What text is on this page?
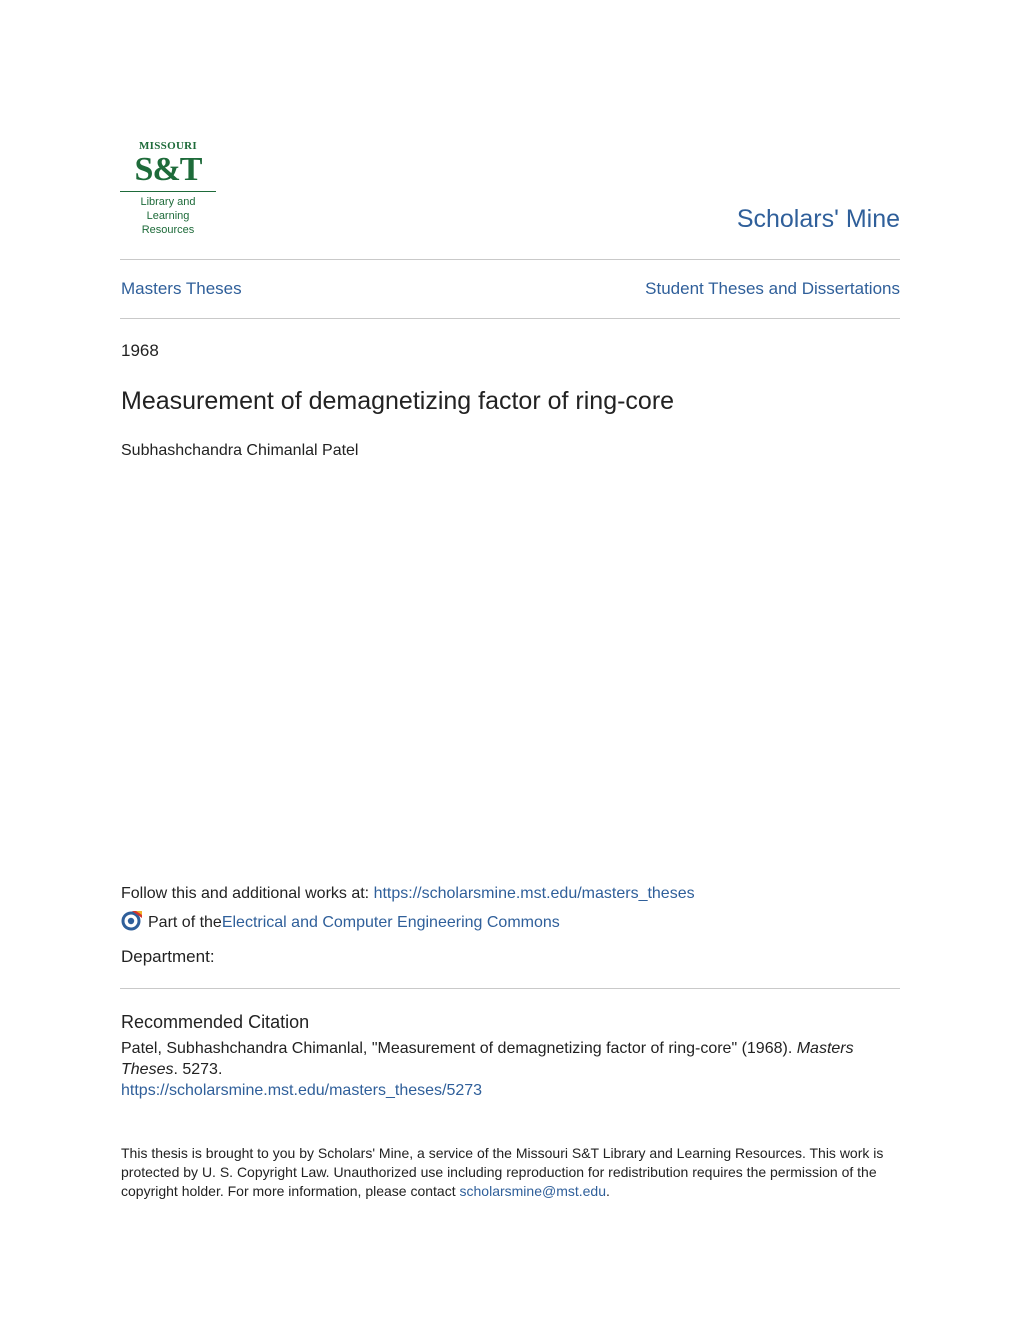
MISSOURI
S&T
Library and
Learning Resources	Scholars' Mine
Masters Theses	Student Theses and Dissertations
1968
Measurement of demagnetizing factor of ring-core
Subhashchandra Chimanlal Patel
Follow this and additional works at: https://scholarsmine.mst.edu/masters_theses
Part of the Electrical and Computer Engineering Commons
Department:
Recommended Citation
Patel, Subhashchandra Chimanlal, "Measurement of demagnetizing factor of ring-core" (1968). Masters Theses. 5273.
https://scholarsmine.mst.edu/masters_theses/5273
This thesis is brought to you by Scholars' Mine, a service of the Missouri S&T Library and Learning Resources. This work is protected by U. S. Copyright Law. Unauthorized use including reproduction for redistribution requires the permission of the copyright holder. For more information, please contact scholarsmine@mst.edu.
